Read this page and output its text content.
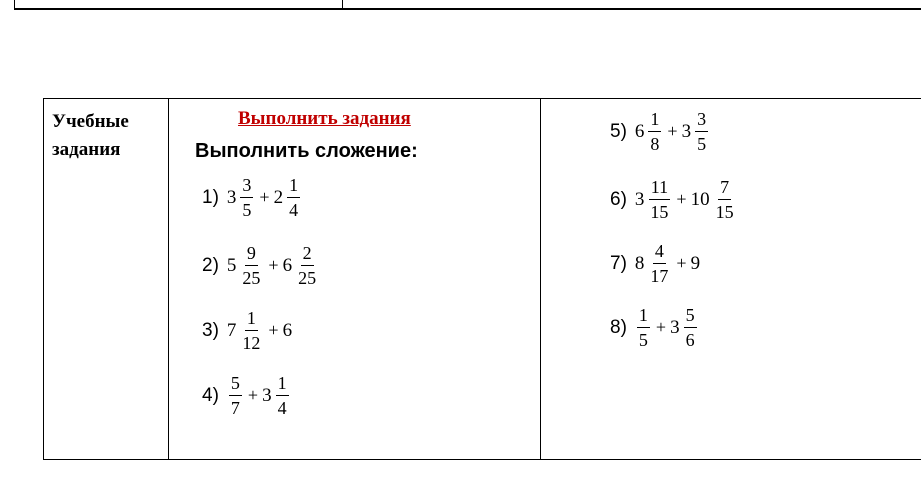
Учебные
задания
Выполнить задания
Выполнить сложение:
1) $3 \frac{3}{5} + 2 \frac{1}{4}$
2) $5 \frac{9}{25} + 6 \frac{2}{25}$
3) $7 \frac{1}{12} + 6$
$4) \frac{5}{7} + 3 \frac{1}{4}$
5) $6 \frac{1}{8} + 3 \frac{3}{5}$
6) $3 \frac{11}{15} + 10 \frac{7}{15}$
7) $8 \frac{4}{17} + 9$
$8) \frac{1}{5} + 3 \frac{5}{6}$
